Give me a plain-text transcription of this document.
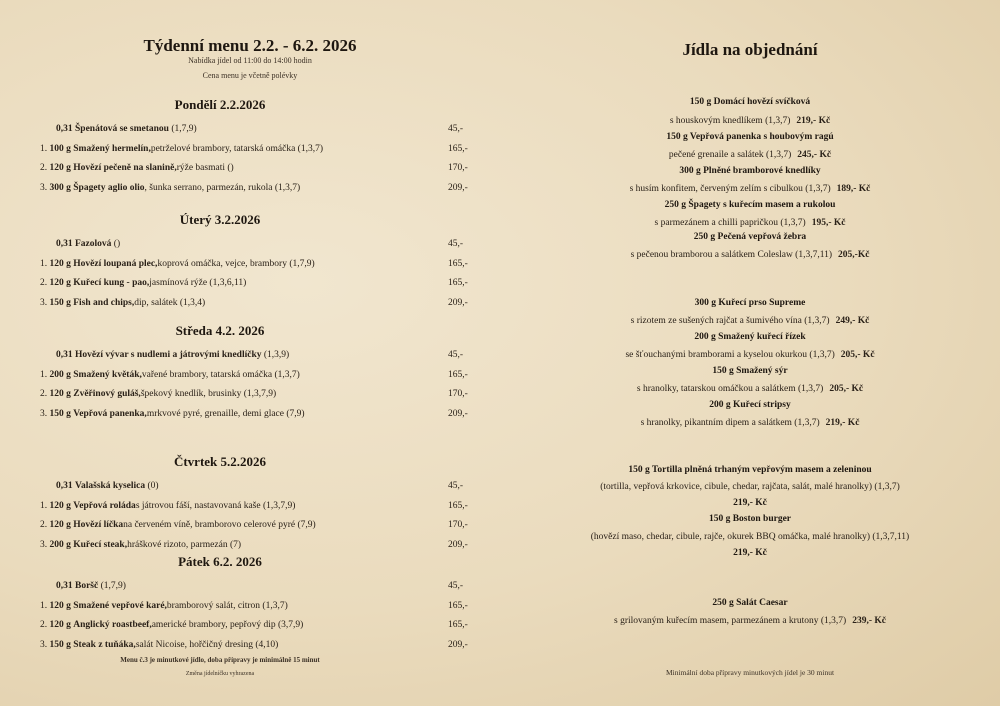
Týdenní menu 2.2. - 6.2. 2026
Nabídka jídel od 11:00 do 14:00 hodin
Cena menu je včetně polévky
Pondělí 2.2.2026
0,31 Špenátová se smetanou (1,7,9)	45,-
1. 100 g Smažený hermelín,petrželové brambory, tatarská omáčka (1,3,7)	165,-
2. 120 g Hovězí pečeně na slanině,rýže basmati ()	170,-
3. 300 g Špagety aglio olio, šunka serrano, parmezán, rukola (1,3,7)	209,-
Úterý 3.2.2026
0,31 Fazolová ()	45,-
1. 120 g Hovězí loupaná plec,koprová omáčka, vejce, brambory (1,7,9)	165,-
2. 120 g Kuřecí kung - pao,jasmínová rýže (1,3,6,11)	165,-
3. 150 g Fish and chips,dip, salátek (1,3,4)	209,-
Středa 4.2. 2026
0,31 Hovězí vývar s nudlemi a játrovými knedlíčky (1,3,9)	45,-
1. 200 g Smažený květák,vařené brambory, tatarská omáčka (1,3,7)	165,-
2. 120 g Zvěřinový guláš,špekový knedlík, brusinky (1,3,7,9)	170,-
3. 150 g Vepřová panenka,mrkvové pyré, grenaille, demi glace (7,9)	209,-
Čtvrtek 5.2.2026
0,31 Valašská kyselica (0)	45,-
1. 120 g Vepřová roládas játrovou fáší, nastavovaná kaše (1,3,7,9)	165,-
2. 120 g Hovězí líčkana červeném víně, bramborovo celerové pyré (7,9)	170,-
3. 200 g Kuřecí steak,hráškové rizoto, parmezán (7)	209,-
Pátek 6.2. 2026
0,31 Boršč (1,7,9)	45,-
1. 120 g Smažené vepřové karé,bramborový salát, citron (1,3,7)	165,-
2. 120 g Anglický roastbeef,americké brambory, pepřový dip (3,7,9)	165,-
3. 150 g Steak z tuňáka,salát Nicoise, hořčičný dresing (4,10)	209,-
Menu č.3 je minutkové jídlo, doba přípravy je minimálně 15 minut
Změna jídelníčku vyhrazena
Jídla na objednání
150 g Domácí hovězí svíčková
s houskovým knedlíkem (1,3,7) 219,- Kč
150 g Vepřová panenka s houbovým ragú
pečené grenaile a salátek (1,3,7) 245,- Kč
300 g Plněné bramborové knedlíky
s husím konfitem, červeným zelím s cibulkou (1,3,7) 189,- Kč
250 g Špagety s kuřecím masem a rukolou
s parmezánem a chilli papričkou (1,3,7) 195,- Kč
250 g Pečená vepřová žebra
s pečenou bramborou a salátkem Coleslaw (1,3,7,11) 205,-Kč
300 g Kuřecí prso Supreme
s rizotem ze sušených rajčat a šumivého vína (1,3,7) 249,- Kč
200 g Smažený kuřecí řízek
se šťouchanými bramborami a kyselou okurkou (1,3,7) 205,- Kč
150 g Smažený sýr
s hranolky, tatarskou omáčkou a salátkem (1,3,7) 205,- Kč
200 g Kuřecí stripsy
s hranolky, pikantním dipem a salátkem (1,3,7) 219,- Kč
150 g Tortilla plněná trhaným vepřovým masem a zeleninou
(tortilla, vepřová krkovice, cibule, chedar, rajčata, salát, malé hranolky) (1,3,7)
219,- Kč
150 g Boston burger
(hovězí maso, chedar, cibule, rajče, okurek BBQ omáčka, malé hranolky) (1,3,7,11)
219,- Kč
250 g Salát Caesar
s grilovaným kuřecím masem, parmezánem a krutony (1,3,7) 239,- Kč
Minimální doba přípravy minutkových jídel je 30 minut
